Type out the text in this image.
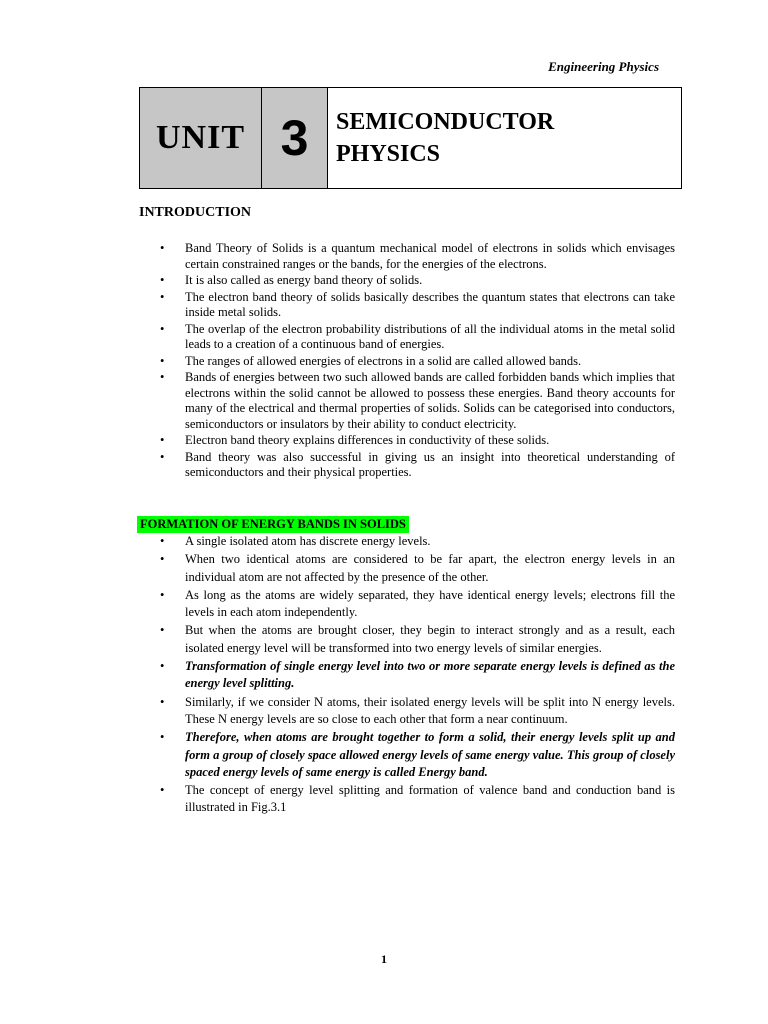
Engineering Physics
UNIT 3	SEMICONDUCTOR
PHYSICS
INTRODUCTION
• Band Theory of Solids is a quantum mechanical model of electrons in solids which envisages certain constrained ranges or the bands, for the energies of the electrons.
• It is also called as energy band theory of solids.
• The electron band theory of solids basically describes the quantum states that electrons can take inside metal solids.
• The overlap of the electron probability distributions of all the individual atoms in the metal solid leads to a creation of a continuous band of energies.
• The ranges of allowed energies of electrons in a solid are called allowed bands.
• Bands of energies between two such allowed bands are called forbidden bands which implies that electrons within the solid cannot be allowed to possess these energies. Band theory accounts for many of the electrical and thermal properties of solids. Solids can be categorised into conductors, semiconductors or insulators by their ability to conduct electricity.
• Electron band theory explains differences in conductivity of these solids.
• Band theory was also successful in giving us an insight into theoretical understanding of semiconductors and their physical properties.
FORMATION OF ENERGY BANDS IN SOLIDS
• A single isolated atom has discrete energy levels.
• When two identical atoms are considered to be far apart, the electron energy levels in an individual atom are not affected by the presence of the other.
• As long as the atoms are widely separated, they have identical energy levels; electrons fill the levels in each atom independently.
• But when the atoms are brought closer, they begin to interact strongly and as a result, each isolated energy level will be transformed into two energy levels of similar energies.
• Transformation of single energy level into two or more separate energy levels is defined as the energy level splitting.
• Similarly, if we consider N atoms, their isolated energy levels will be split into N energy levels. These N energy levels are so close to each other that form a near continuum.
• Therefore, when atoms are brought together to form a solid, their energy levels split up and form a group of closely space allowed energy levels of same energy value. This group of closely spaced energy levels of same energy is called Energy band.
• The concept of energy level splitting and formation of valence band and conduction band is illustrated in Fig.3.1
1
